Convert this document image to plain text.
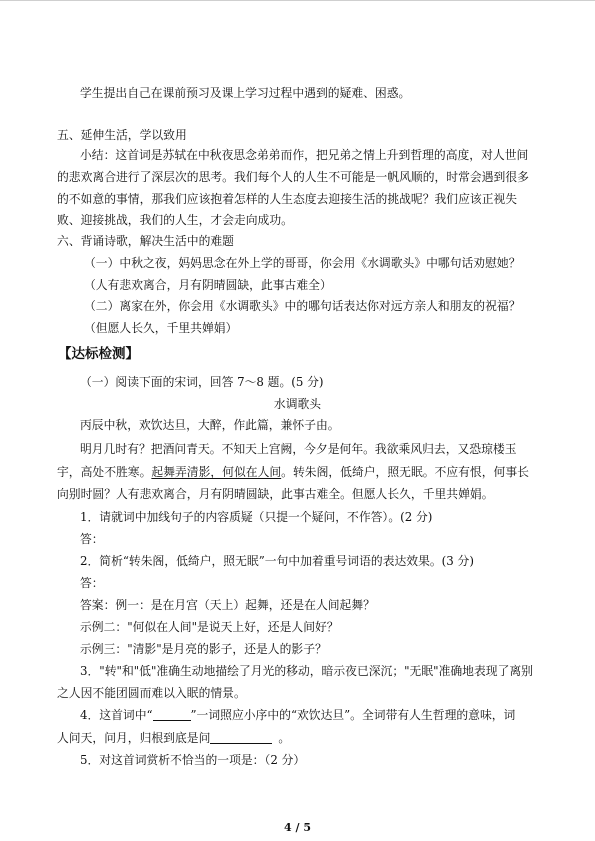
学生提出自己在课前预习及课上学习过程中遇到的疑难、困惑。
五、延伸生活，学以致用
小结：这首词是苏轼在中秋夜思念弟弟而作，把兄弟之情上升到哲理的高度，对人世间
的悲欢离合进行了深层次的思考。我们每个人的人生不可能是一帆风顺的，时常会遇到很多
的不如意的事情，那我们应该抱着怎样的人生态度去迎接生活的挑战呢？我们应该正视失
败、迎接挑战，我们的人生，才会走向成功。
六、背诵诗歌，解决生活中的难题
（一）中秋之夜，妈妈思念在外上学的哥哥，你会用《水调歌头》中哪句话劝慰她？
（人有悲欢离合，月有阴晴圆缺，此事古难全）
（二）离家在外，你会用《水调歌头》中的哪句话表达你对远方亲人和朋友的祝福？
（但愿人长久，千里共婵娟）
【达标检测】
（一）阅读下面的宋词，回答 7～8 题。(5 分)
水调歌头
丙辰中秋，欢饮达旦，大醉，作此篇，兼怀子由。
明月几时有？把酒问青天。不知天上宫阙，今夕是何年。我欲乘风归去，又恐琼楼玉
宇，高处不胜寒。起舞弄清影，何似在人间。转朱阁，低绮户，照无眠。不应有恨，何事长
向别时圆？人有悲欢离合，月有阴晴圆缺，此事古难全。但愿人长久，千里共婵娟。
1．请就词中加线句子的内容质疑（只提一个疑问，不作答）。(2 分)
答：
2．简析“转朱阁，低绮户，照无眠”一句中加着重号词语的表达效果。(3 分)
答：
答案：例一：是在月宫（天上）起舞，还是在人间起舞？
示例二："何似在人间"是说天上好，还是人间好？
示例三："清影"是月亮的影子，还是人的影子？
3．"转"和"低"准确生动地描绘了月光的移动，暗示夜已深沉；"无眠"准确地表现了离别
之人因不能团圆而难以入眠的情景。
4．这首词中“	”一词照应小序中的“欢饮达旦”。全词带有人生哲理的意味，词
人问天，问月，归根到底是问	。
5．对这首词赏析不恰当的一项是：（2 分）
4 / 5
